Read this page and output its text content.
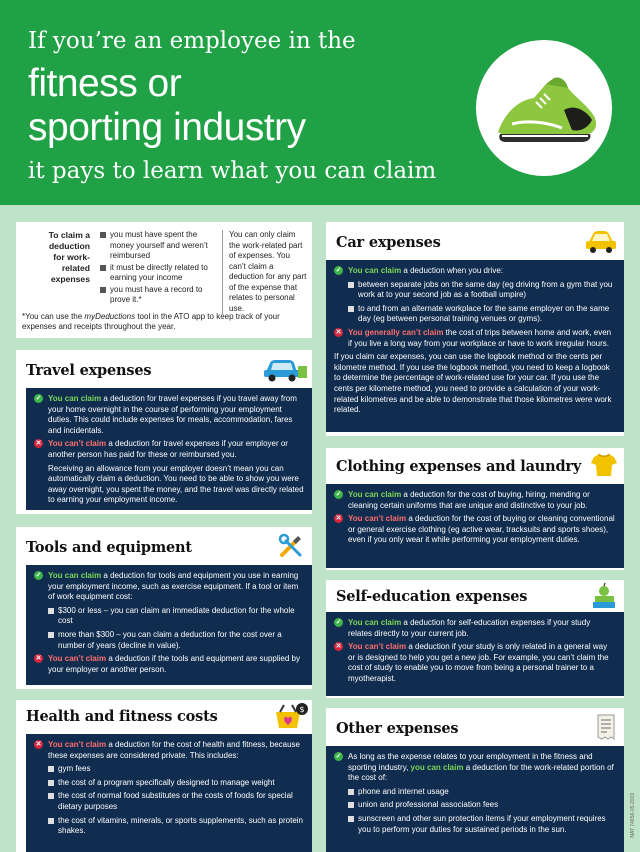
If you’re an employee in the
fitness or
sporting industry
it pays to learn what you can claim
To claim a
deduction
for work-
related
expenses
you must have spent the money yourself and weren’t reimbursed
it must be directly related to earning your income
you must have a record to prove it.*
You can only claim the work-related part of expenses. You can’t claim a deduction for any part of the expense that relates to personal use.
*You can use the myDeductions tool in the ATO app to keep track of your expenses and receipts throughout the year.
Travel expenses
✓ You can claim a deduction for travel expenses if you travel away from your home overnight in the course of performing your employment duties. This could include expenses for meals, accommodation, fares and incidentals.
✕ You can’t claim a deduction for travel expenses if your employer or another person has paid for these or reimbursed you.
Receiving an allowance from your employer doesn’t mean you can automatically claim a deduction. You need to be able to show you were away overnight, you spent the money, and the travel was directly related to earning your employment income.
Tools and equipment
✓ You can claim a deduction for tools and equipment you use in earning your employment income, such as exercise equipment. If a tool or item of work equipment cost:
$300 or less – you can claim an immediate deduction for the whole cost
more than $300 – you can claim a deduction for the cost over a number of years (decline in value).
✕ You can’t claim a deduction if the tools and equipment are supplied by your employer or another person.
Health and fitness costs	$
✕ You can’t claim a deduction for the cost of health and fitness, because these expenses are considered private. This includes:
gym fees
the cost of a program specifically designed to manage weight
the cost of normal food substitutes or the costs of foods for special dietary purposes
the cost of vitamins, minerals, or sports supplements, such as protein shakes.
Car expenses
✓ You can claim a deduction when you drive:
between separate jobs on the same day (eg driving from a gym that you work at to your second job as a football umpire)
to and from an alternate workplace for the same employer on the same day (eg between personal training venues or gyms).
✕ You generally can’t claim the cost of trips between home and work, even if you live a long way from your workplace or have to work irregular hours.
If you claim car expenses, you can use the logbook method or the cents per kilometre method. If you use the logbook method, you need to keep a logbook to determine the percentage of work-related use for your car. If you use the cents per kilometre method, you need to provide a calculation of your work-related kilometres and be able to demonstrate that those kilometres were work related.
Clothing expenses and laundry
✓ You can claim a deduction for the cost of buying, hiring, mending or cleaning certain uniforms that are unique and distinctive to your job.
✕ You can’t claim a deduction for the cost of buying or cleaning conventional or general exercise clothing (eg active wear, tracksuits and sports shoes), even if you only wear it while performing your employment duties.
Self-education expenses
✓ You can claim a deduction for self-education expenses if your study relates directly to your current job.
✕ You can’t claim a deduction if your study is only related in a general way or is designed to help you get a new job. For example, you can’t claim the cost of study to enable you to move from being a personal trainer to a myotherapist.
Other expenses
✓ As long as the expense relates to your employment in the fitness and sporting industry, you can claim a deduction for the work-related portion of the cost of:
phone and internet usage
union and professional association fees
sunscreen and other sun protection items if your employment requires you to perform your duties for sustained periods in the sun.	NAT 74956-05.2019
